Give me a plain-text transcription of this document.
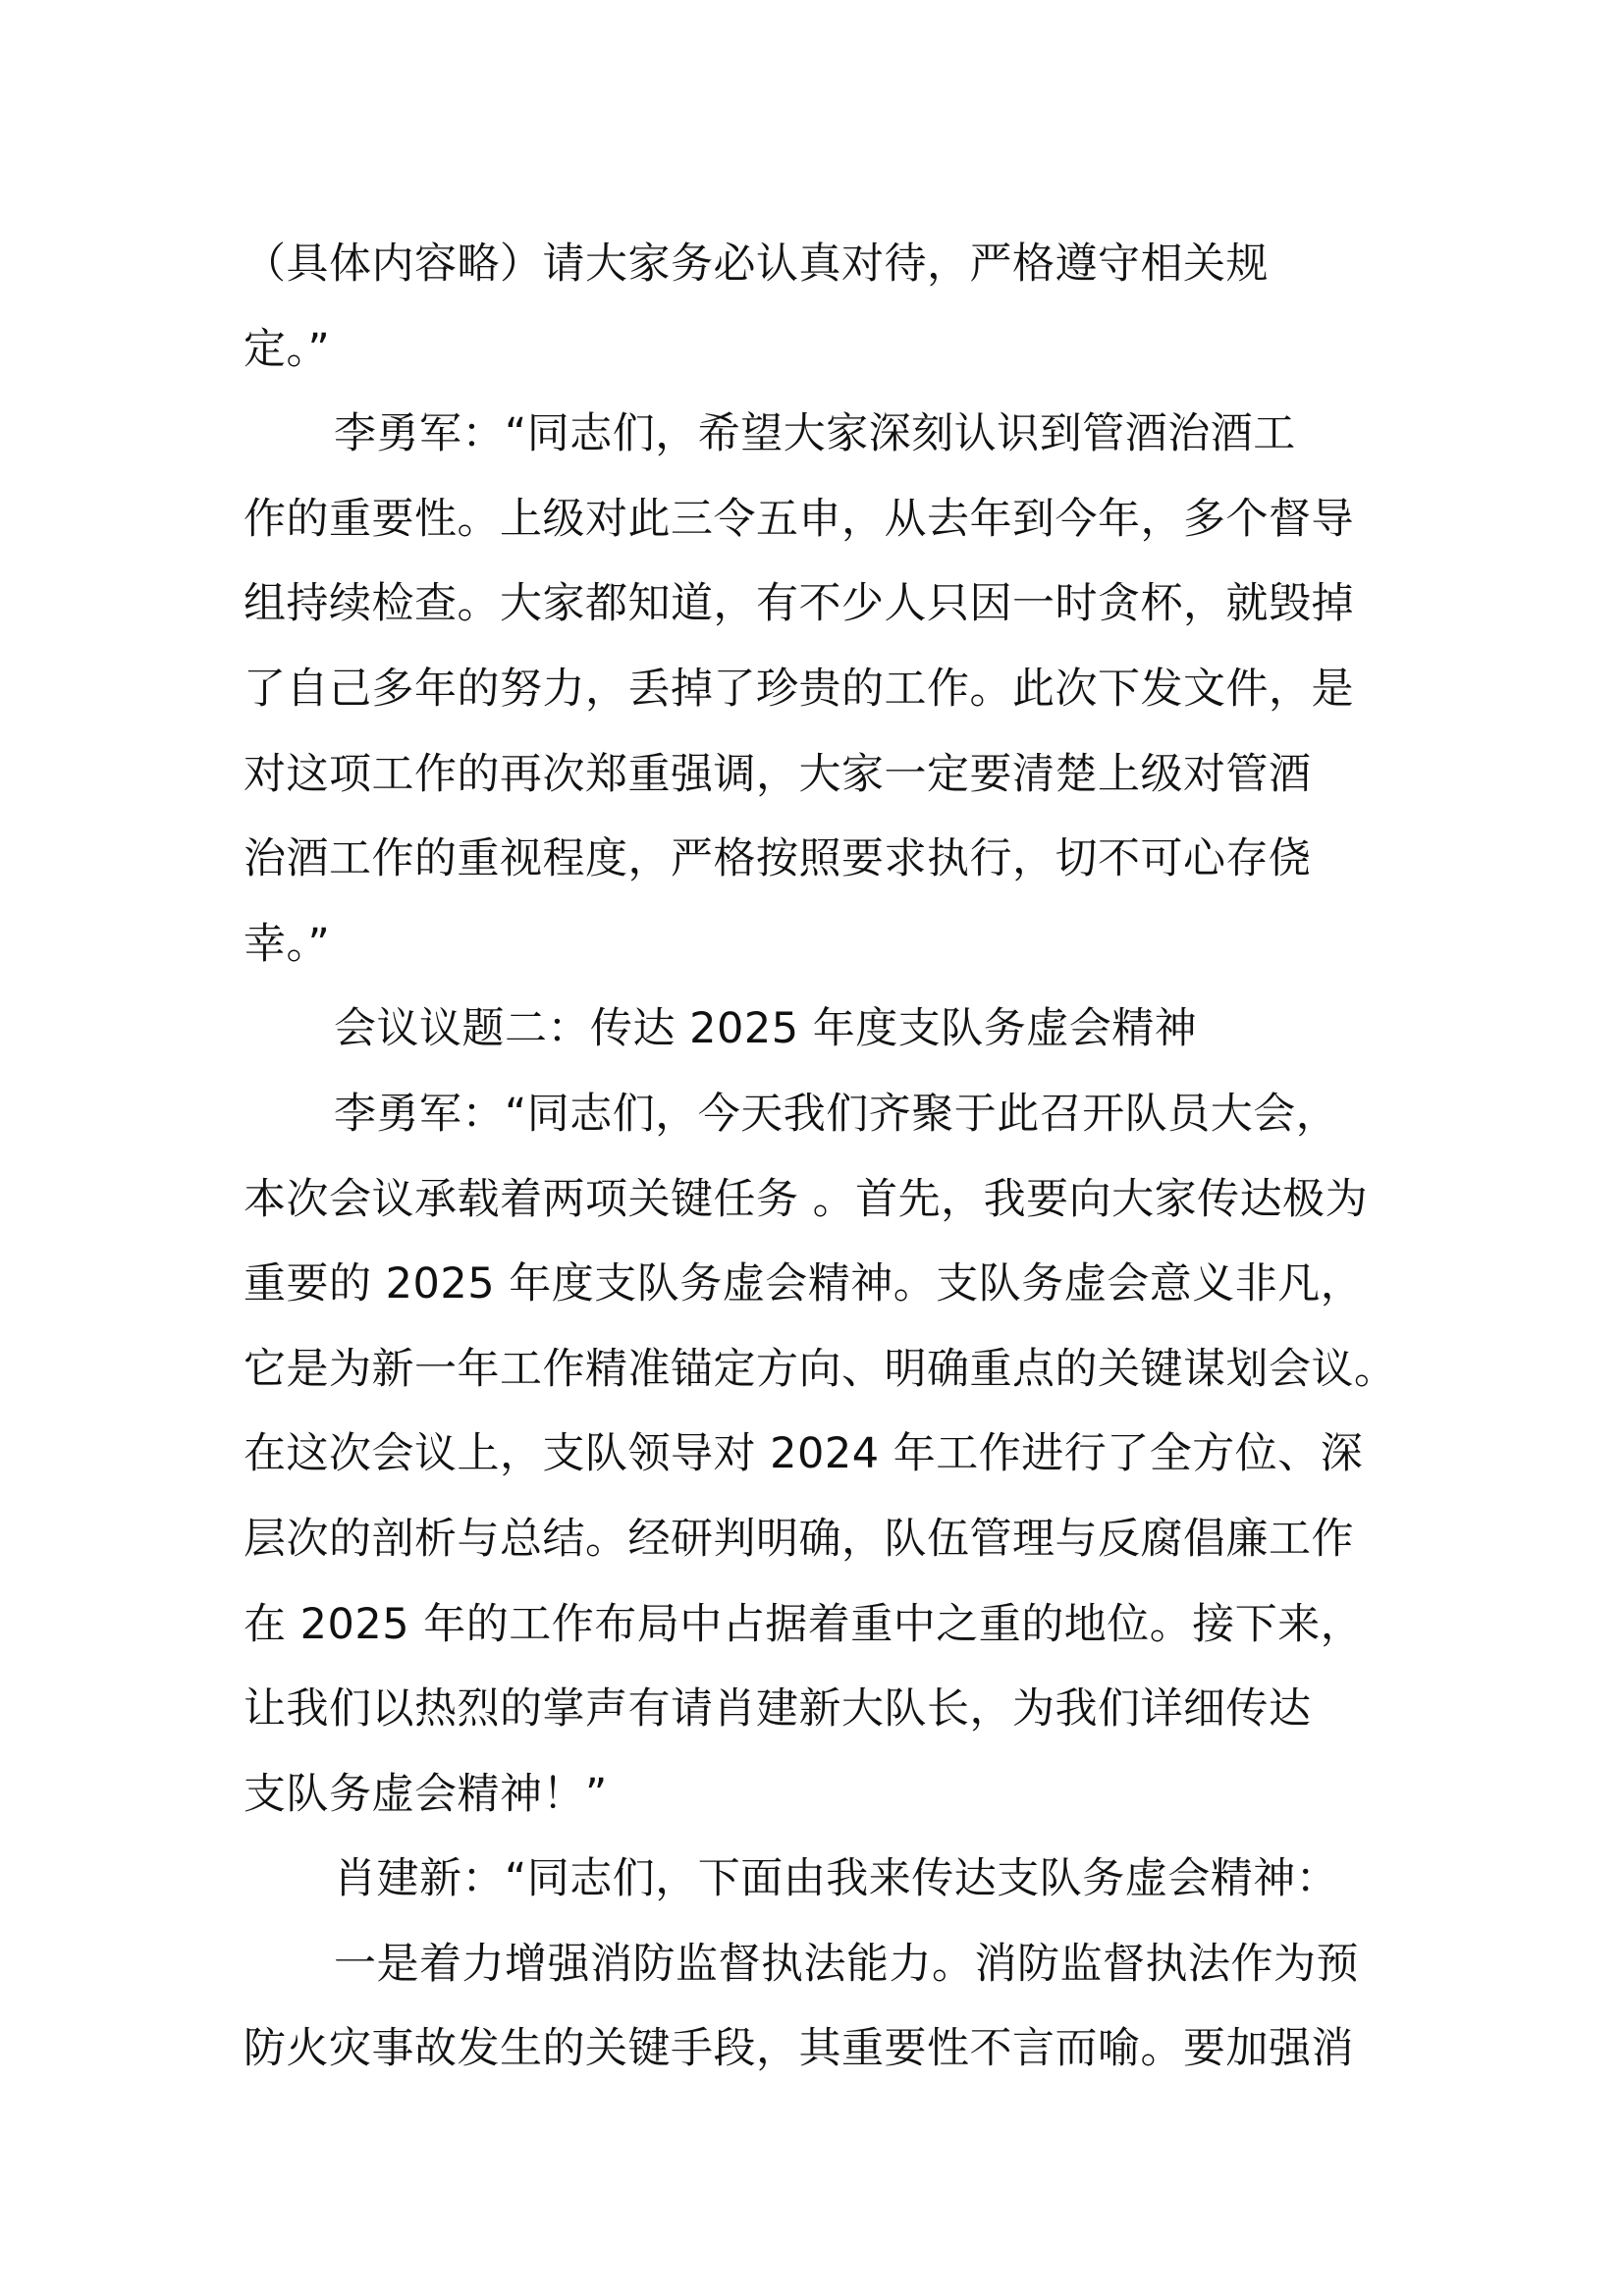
（具体内容略）请大家务必认真对待，严格遵守相关规
定。”
李勇军：“同志们，希望大家深刻认识到管酒治酒工
作的重要性。上级对此三令五申，从去年到今年，多个督导
组持续检查。大家都知道，有不少人只因一时贪杯，就毁掉
了自己多年的努力，丢掉了珍贵的工作。此次下发文件，是
对这项工作的再次郑重强调，大家一定要清楚上级对管酒
治酒工作的重视程度，严格按照要求执行，切不可心存侥
幸。”
会议议题二：传达 2025 年度支队务虚会精神
李勇军：“同志们，今天我们齐聚于此召开队员大会，
本次会议承载着两项关键任务 。首先，我要向大家传达极为
重要的 2025 年度支队务虚会精神。支队务虚会意义非凡，
它是为新一年工作精准锚定方向、明确重点的关键谋划会议。
在这次会议上，支队领导对 2024 年工作进行了全方位、深
层次的剖析与总结。经研判明确，队伍管理与反腐倡廉工作
在 2025 年的工作布局中占据着重中之重的地位。接下来，
让我们以热烈的掌声有请肖建新大队长，为我们详细传达
支队务虚会精神！”
肖建新：“同志们，下面由我来传达支队务虚会精神：
一是着力增强消防监督执法能力。消防监督执法作为预
防火灾事故发生的关键手段，其重要性不言而喻。要加强消
